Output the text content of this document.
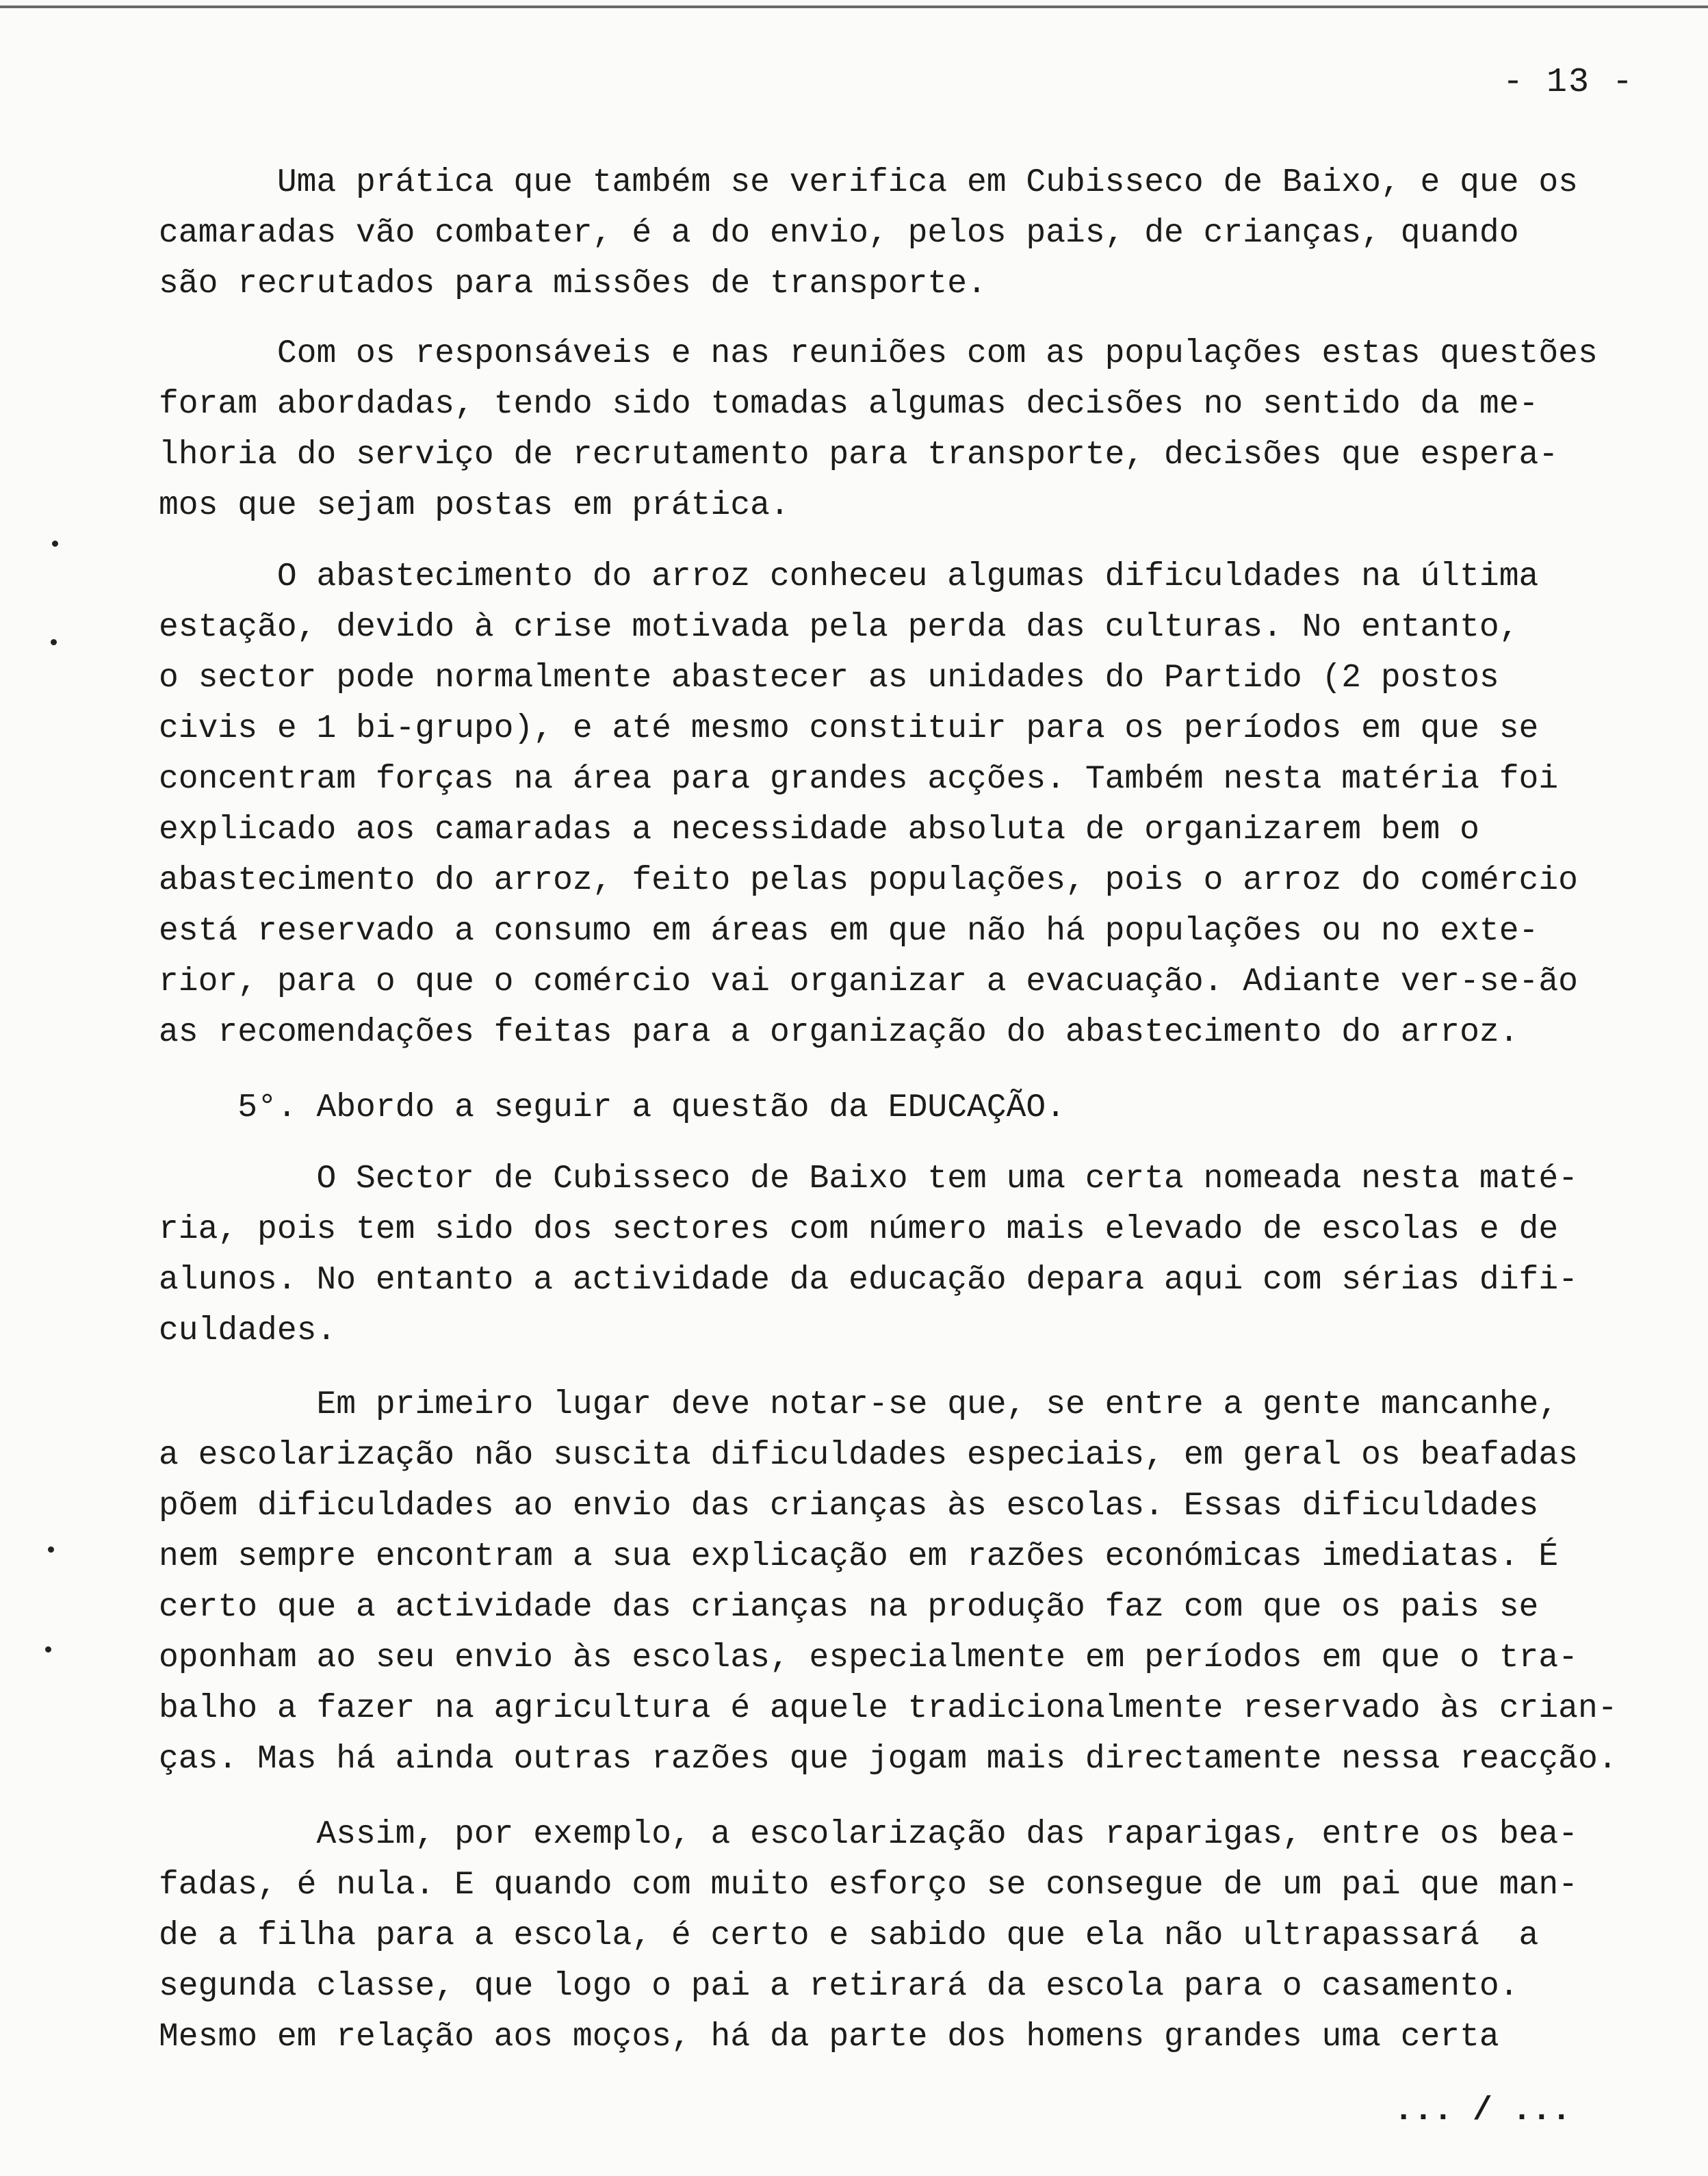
- 13 -

Uma prática que também se verifica em Cubisseco de Baixo, e que os
camaradas vão combater, é a do envio, pelos pais, de crianças, quando
são recrutados para missões de transporte.

Com os responsáveis e nas reuniões com as populações estas questões
foram abordadas, tendo sido tomadas algumas decisões no sentido da me-
lhoria do serviço de recrutamento para transporte, decisões que espera-
mos que sejam postas em prática.

O abastecimento do arroz conheceu algumas dificuldades na última
estação, devido à crise motivada pela perda das culturas. No entanto,
o sector pode normalmente abastecer as unidades do Partido (2 postos
civis e 1 bi-grupo), e até mesmo constituir para os períodos em que se
concentram forças na área para grandes acções. Também nesta matéria foi
explicado aos camaradas a necessidade absoluta de organizarem bem o
abastecimento do arroz, feito pelas populações, pois o arroz do comércio
está reservado a consumo em áreas em que não há populações ou no exte-
rior, para o que o comércio vai organizar a evacuação. Adiante ver-se-ão
as recomendações feitas para a organização do abastecimento do arroz.

5°. Abordo a seguir a questão da EDUCAÇÃO.

O Sector de Cubisseco de Baixo tem uma certa nomeada nesta maté-
ria, pois tem sido dos sectores com número mais elevado de escolas e de
alunos. No entanto a actividade da educação depara aqui com sérias difi-
culdades.

Em primeiro lugar deve notar-se que, se entre a gente mancanhe,
a escolarização não suscita dificuldades especiais, em geral os beafadas
põem dificuldades ao envio das crianças às escolas. Essas dificuldades
nem sempre encontram a sua explicação em razões económicas imediatas. É
certo que a actividade das crianças na produção faz com que os pais se
oponham ao seu envio às escolas, especialmente em períodos em que o tra-
balho a fazer na agricultura é aquele tradicionalmente reservado às crian-
ças. Mas há ainda outras razões que jogam mais directamente nessa reacção.

Assim, por exemplo, a escolarização das raparigas, entre os bea-
fadas, é nula. E quando com muito esforço se consegue de um pai que man-
de a filha para a escola, é certo e sabido que ela não ultrapassará  a
segunda classe, que logo o pai a retirará da escola para o casamento.
Mesmo em relação aos moços, há da parte dos homens grandes uma certa

... / ...
